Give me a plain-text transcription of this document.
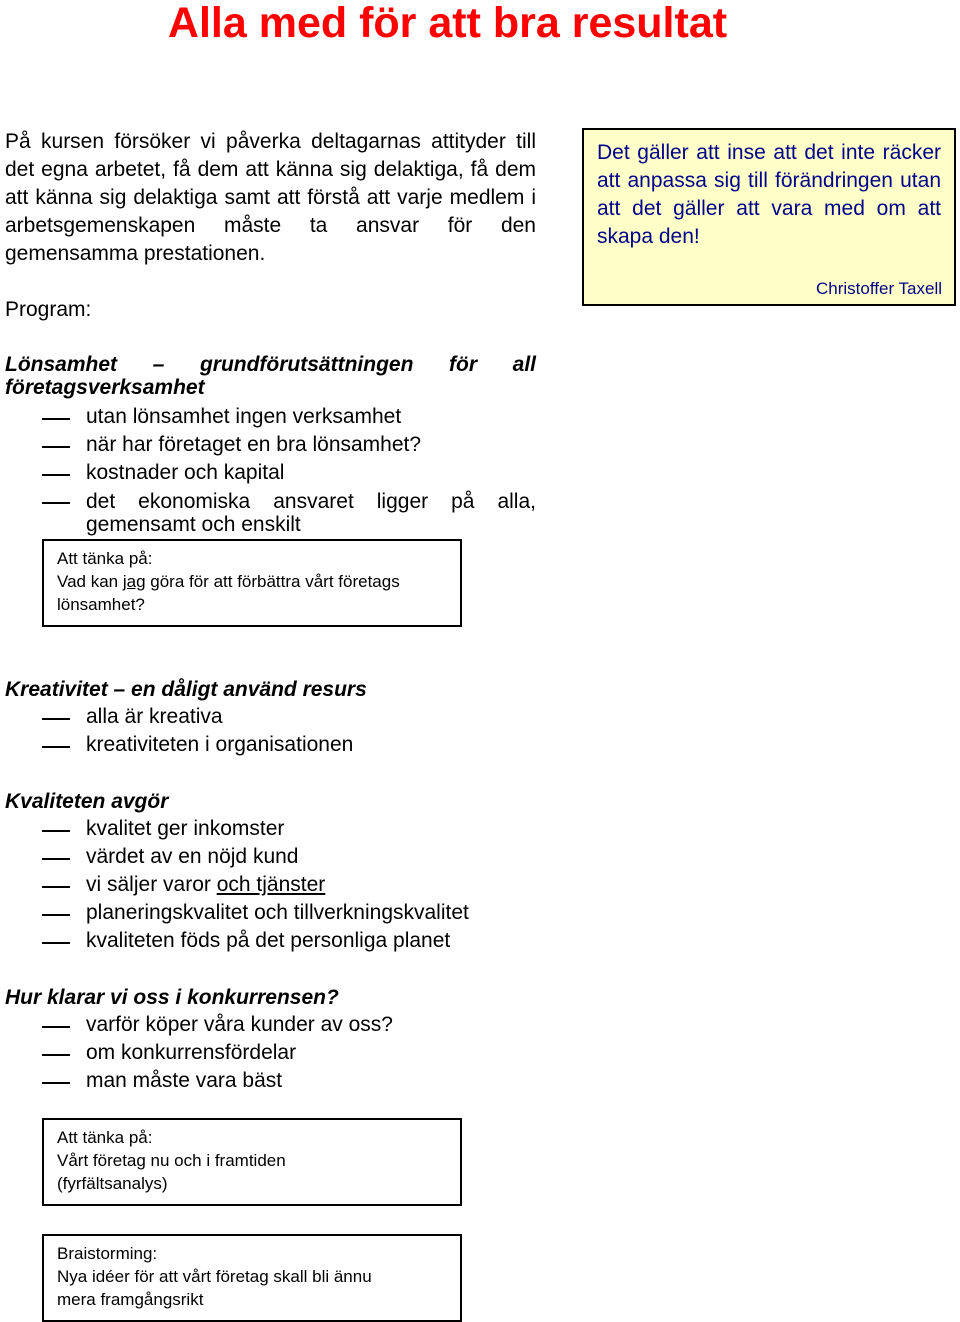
Alla med för att bra resultat

På kursen försöker vi påverka deltagarnas attityder till det egna arbetet, få dem att känna sig delaktiga, få dem att känna sig delaktiga samt att förstå att varje medlem i arbetsgemenskapen måste ta ansvar för den gemensamma prestationen.

Program:

Det gäller att inse att det inte räcker att anpassa sig till förändringen utan att det gäller att vara med om att skapa den!

Christoffer Taxell

Lönsamhet – grundförutsättningen för all företagsverksamhet

utan lönsamhet ingen verksamhet
när har företaget en bra lönsamhet?
kostnader och kapital
det ekonomiska ansvaret ligger på alla, gemensamt och enskilt

Att tänka på:

Vad kan jag göra för att förbättra vårt företags lönsamhet?

Kreativitet – en dåligt använd resurs

alla är kreativa
kreativiteten i organisationen

Kvaliteten avgör

kvalitet ger inkomster
värdet av en nöjd kund
vi säljer varor och tjänster
planeringskvalitet och tillverkningskvalitet
kvaliteten föds på det personliga planet

Hur klarar vi oss i konkurrensen?

varför köper våra kunder av oss?
om konkurrensfördelar
man måste vara bäst

Att tänka på:

Vårt företag nu och i framtiden

(fyrfältsanalys)

Braistorming:

Nya idéer för att vårt företag skall bli ännu

mera framgångsrikt
